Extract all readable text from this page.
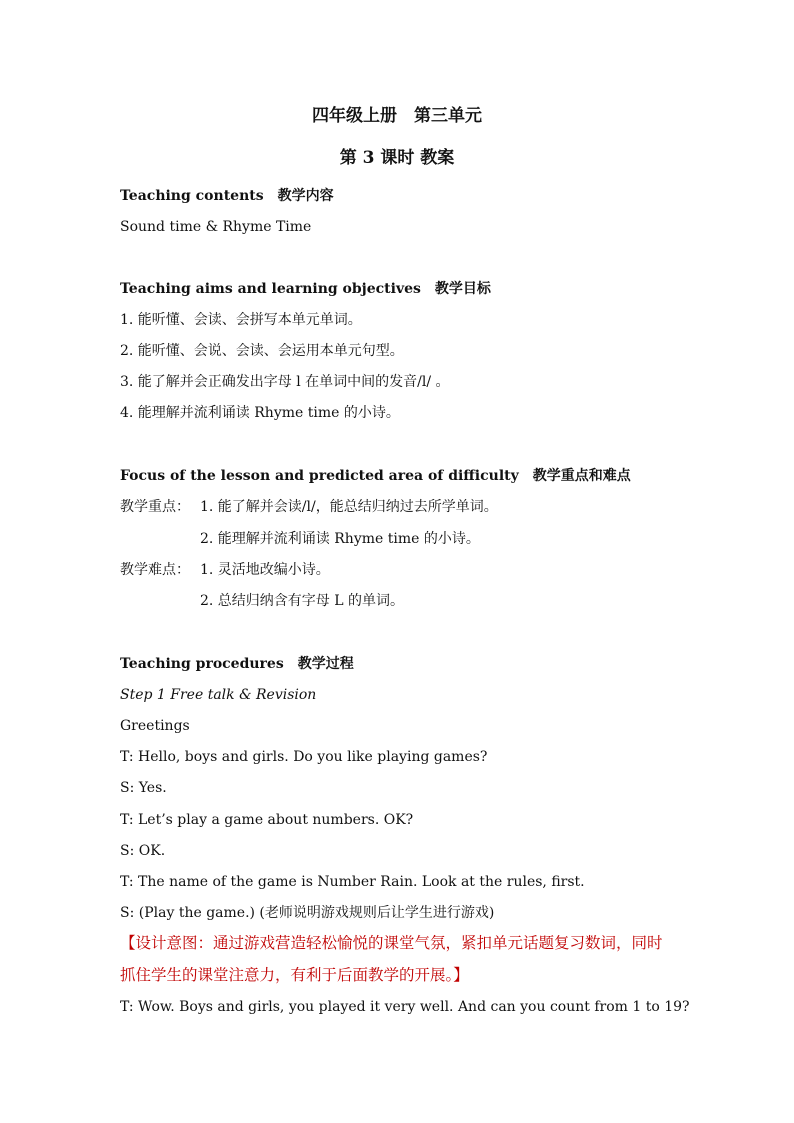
四年级上册　第三单元
第 3 课时 教案
Teaching contents　教学内容
Sound time & Rhyme Time
Teaching aims and learning objectives　教学目标
1. 能听懂、会读、会拼写本单元单词。
2. 能听懂、会说、会读、会运用本单元句型。
3. 能了解并会正确发出字母 l 在单词中间的发音/l/ 。
4. 能理解并流利诵读 Rhyme time 的小诗。
Focus of the lesson and predicted area of difficulty　教学重点和难点
教学重点： 1. 能了解并会读/l/，能总结归纳过去所学单词。
2. 能理解并流利诵读 Rhyme time 的小诗。
教学难点： 1. 灵活地改编小诗。
2. 总结归纳含有字母 L 的单词。
Teaching procedures　教学过程
Step 1 Free talk & Revision
Greetings
T: Hello, boys and girls. Do you like playing games?
S: Yes.
T: Let’s play a game about numbers. OK?
S: OK.
T: The name of the game is Number Rain. Look at the rules, first.
S: (Play the game.) (老师说明游戏规则后让学生进行游戏)
【设计意图：通过游戏营造轻松愉悦的课堂气氛，紧扣单元话题复习数词，同时
抓住学生的课堂注意力，有利于后面教学的开展。】
T: Wow. Boys and girls, you played it very well. And can you count from 1 to 19?
